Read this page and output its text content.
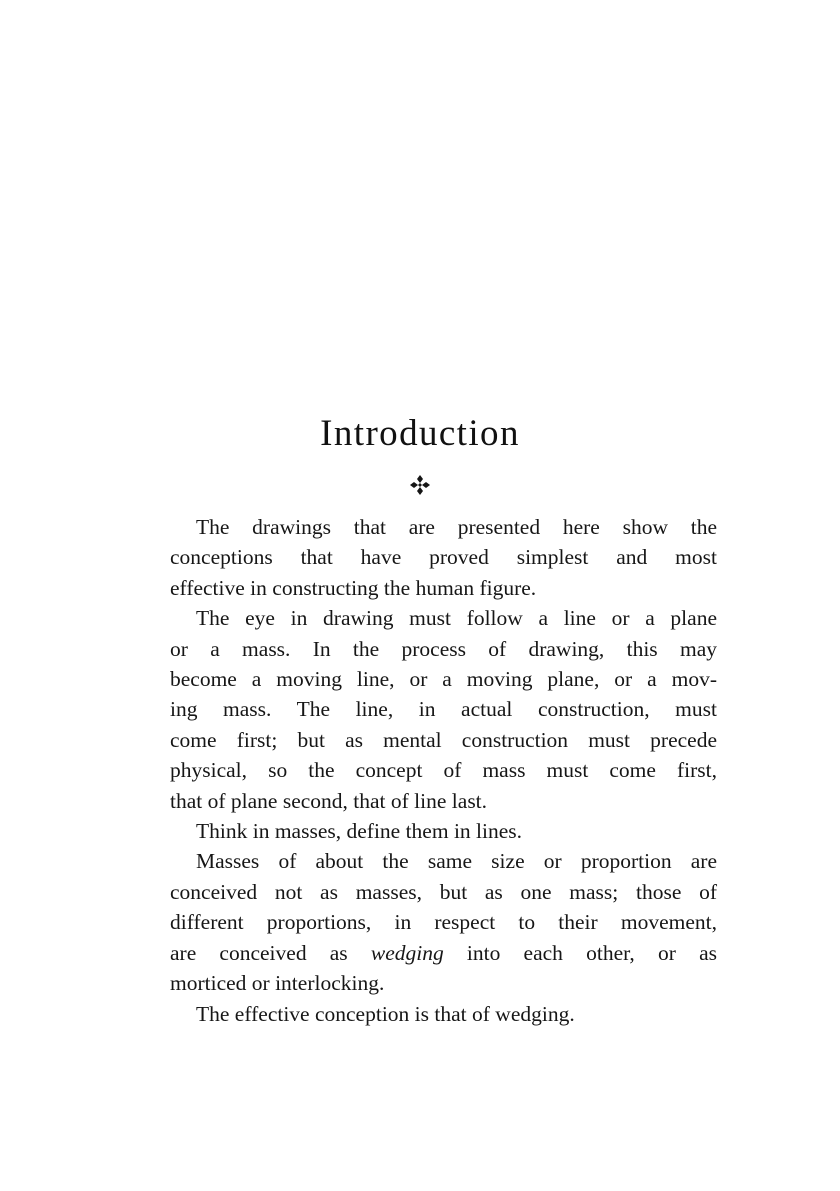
Introduction
The drawings that are presented here show the
conceptions that have proved simplest and most
effective in constructing the human figure.
The eye in drawing must follow a line or a plane
or a mass. In the process of drawing, this may
become a moving line, or a moving plane, or a mov-
ing mass. The line, in actual construction, must
come first; but as mental construction must precede
physical, so the concept of mass must come first,
that of plane second, that of line last.
Think in masses, define them in lines.
Masses of about the same size or proportion are
conceived not as masses, but as one mass; those of
different proportions, in respect to their movement,
are conceived as wedging into each other, or as
morticed or interlocking.
The effective conception is that of wedging.
